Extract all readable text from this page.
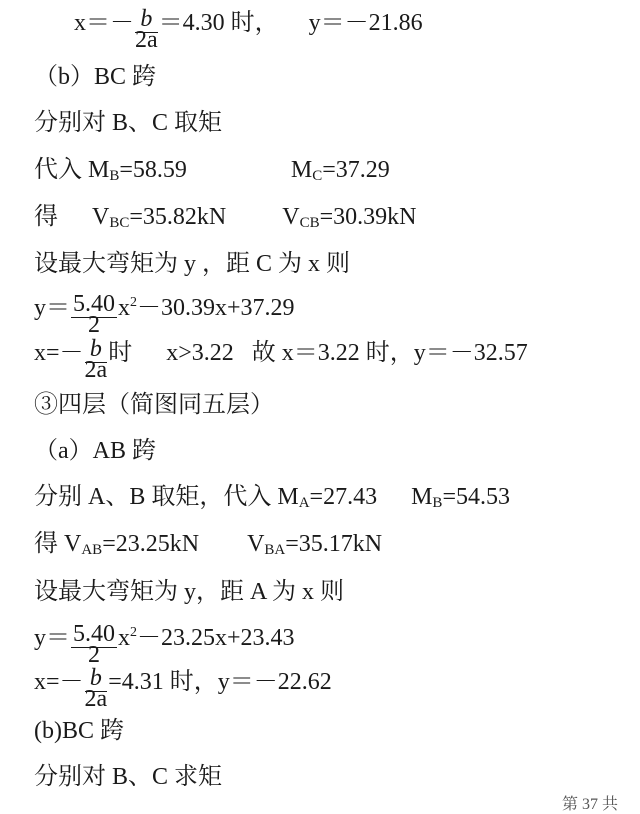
$x=- \frac{b}{2a} =4.30$ 时， y＝－21.86
（b）BC 跨
分别对 B、C 取矩
代入 $M_B=58.59$	$M_C=37.29$
得 $V_{BC}=35.82kN$ $V_{CB}=30.39kN$
设最大弯矩为 y ，距 C 为 x 则
$y= \frac{5.40}{2} x^2-30.39x+37.29$
$x=- \frac{b}{2a}$ 时 x>3.22 故 x＝3.22 时，y＝－32.57
③四层（简图同五层）
（a）AB 跨
分别 A、B 取矩，代入 $M_A=27.43$ $M_B=54.53$
得 $V_{AB}=23.25kN$ $V_{BA}=35.17kN$
设最大弯矩为 y，距 A 为 x 则
$y= \frac{5.40}{2} x^2-23.25x+23.43$
$x=- \frac{b}{2a} =4.31$ 时，y＝－22.62
(b)BC 跨
分别对 B、C 求矩
第 37 共
